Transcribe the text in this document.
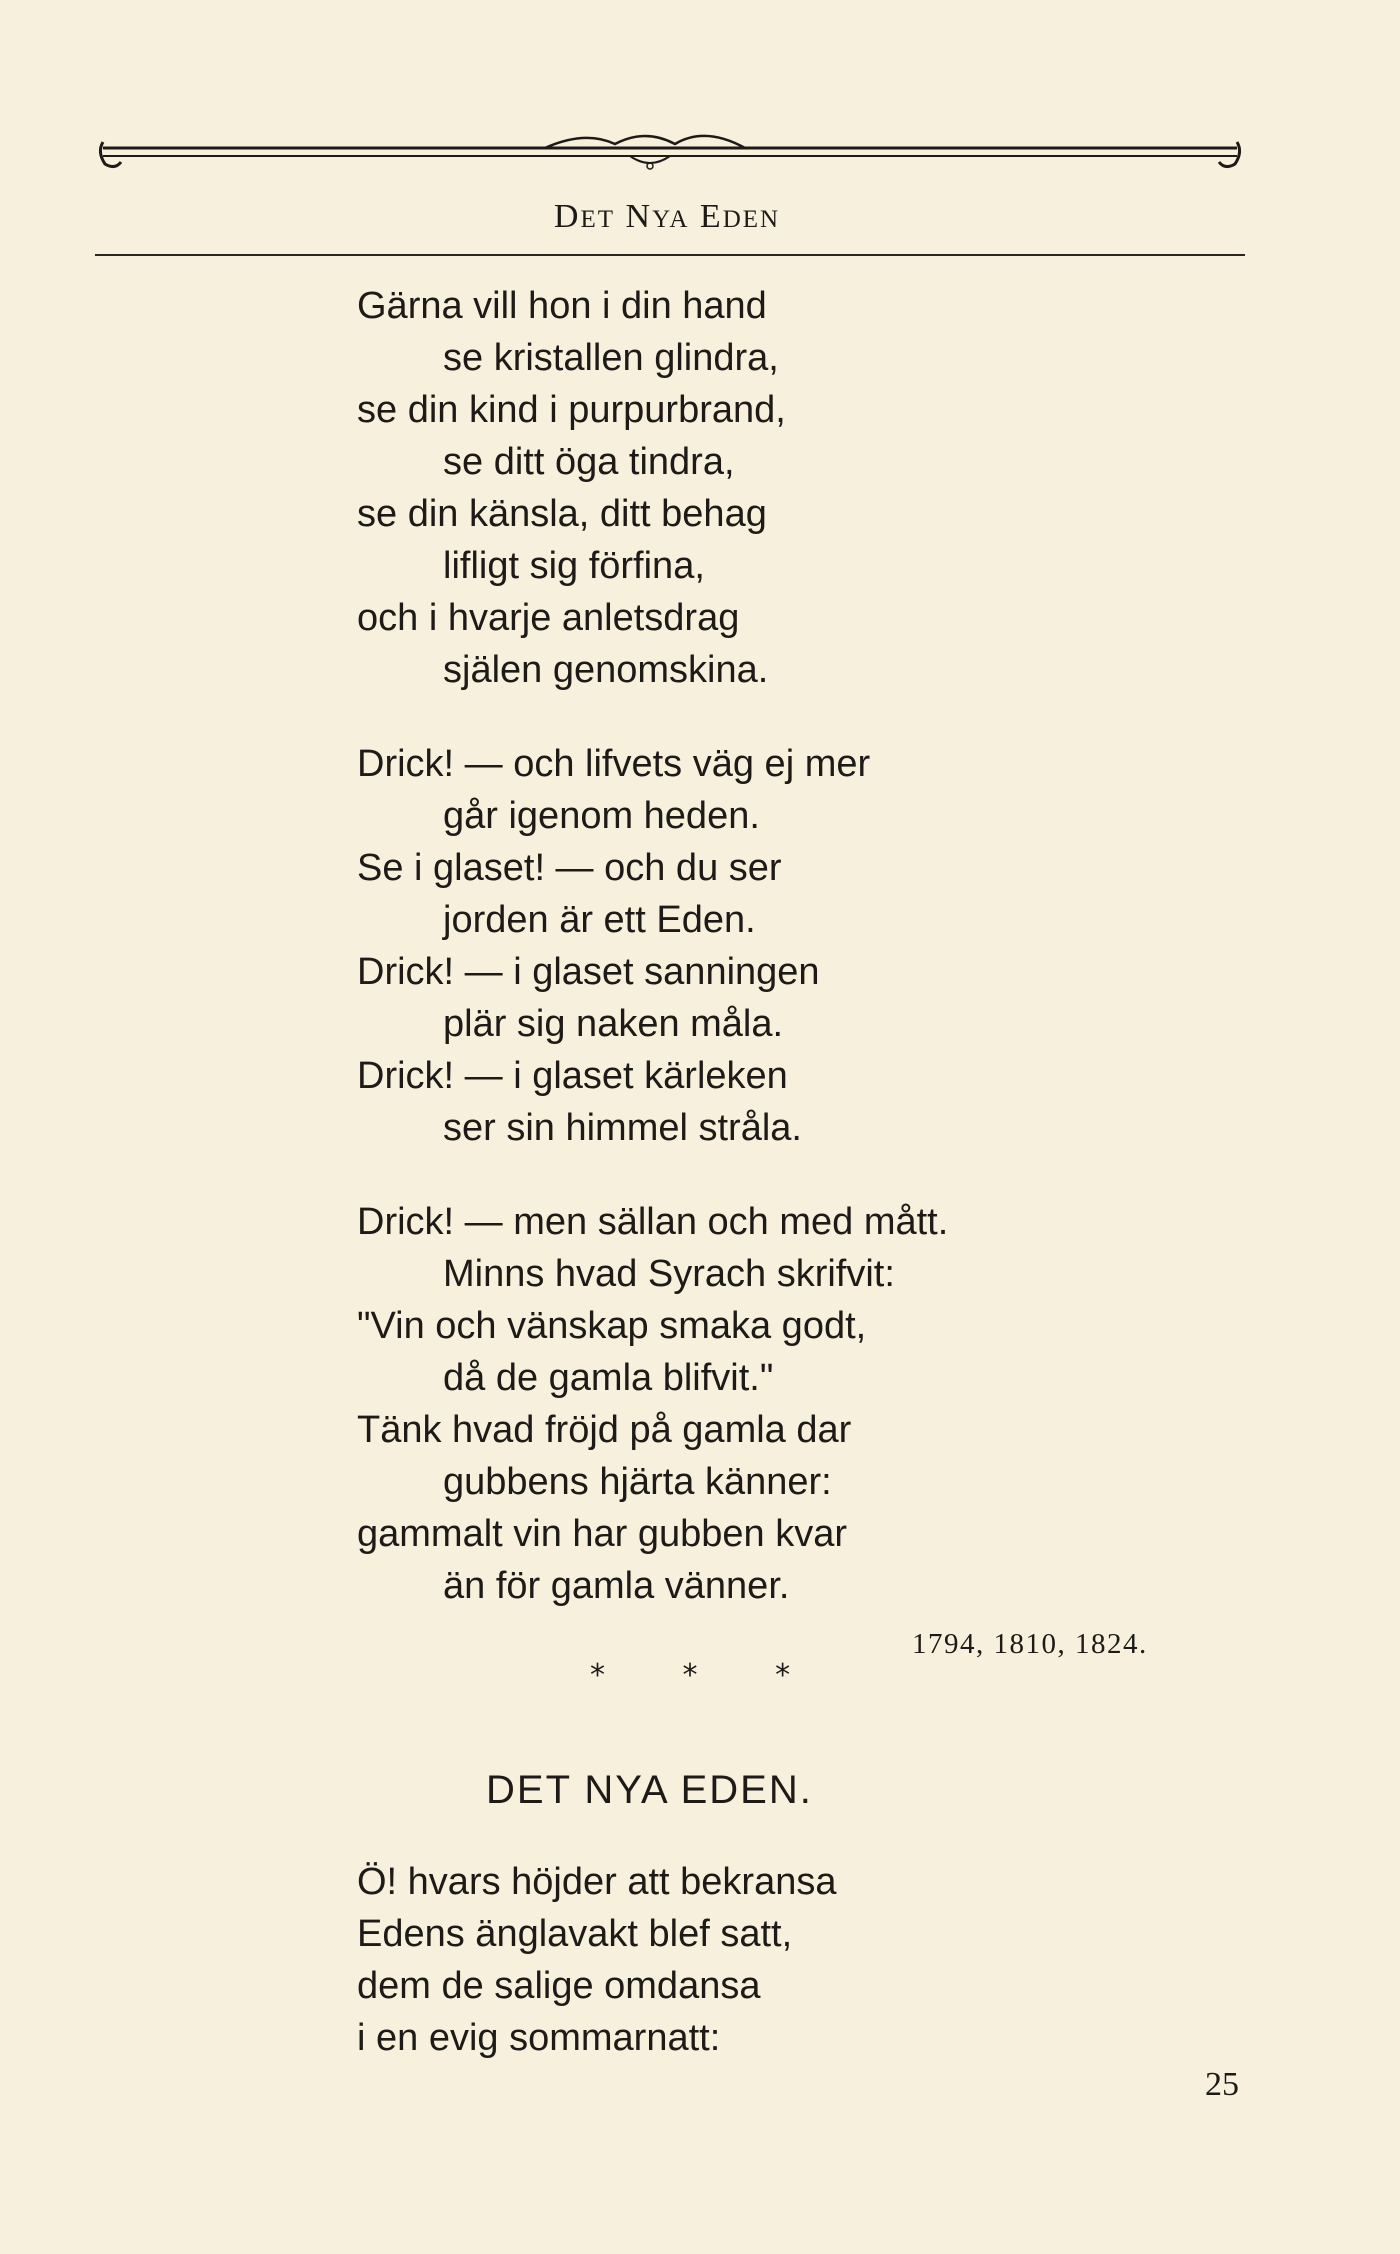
DET NYA EDEN
Gärna vill hon i din hand
se kristallen glindra,
se din kind i purpurbrand,
se ditt öga tindra,
se din känsla, ditt behag
lifligt sig förfina,
och i hvarje anletsdrag
själen genomskina.
Drick! — och lifvets väg ej mer
går igenom heden.
Se i glaset! — och du ser
jorden är ett Eden.
Drick! — i glaset sanningen
plär sig naken måla.
Drick! — i glaset kärleken
ser sin himmel stråla.
Drick! — men sällan och med mått.
Minns hvad Syrach skrifvit:
"Vin och vänskap smaka godt,
då de gamla blifvit."
Tänk hvad fröjd på gamla dar
gubbens hjärta känner:
gammalt vin har gubben kvar
än för gamla vänner.
1794, 1810, 1824.
* * *
DET NYA EDEN.
Ö! hvars höjder att bekransa
Edens änglavakt blef satt,
dem de salige omdansa
i en evig sommarnatt:
25
